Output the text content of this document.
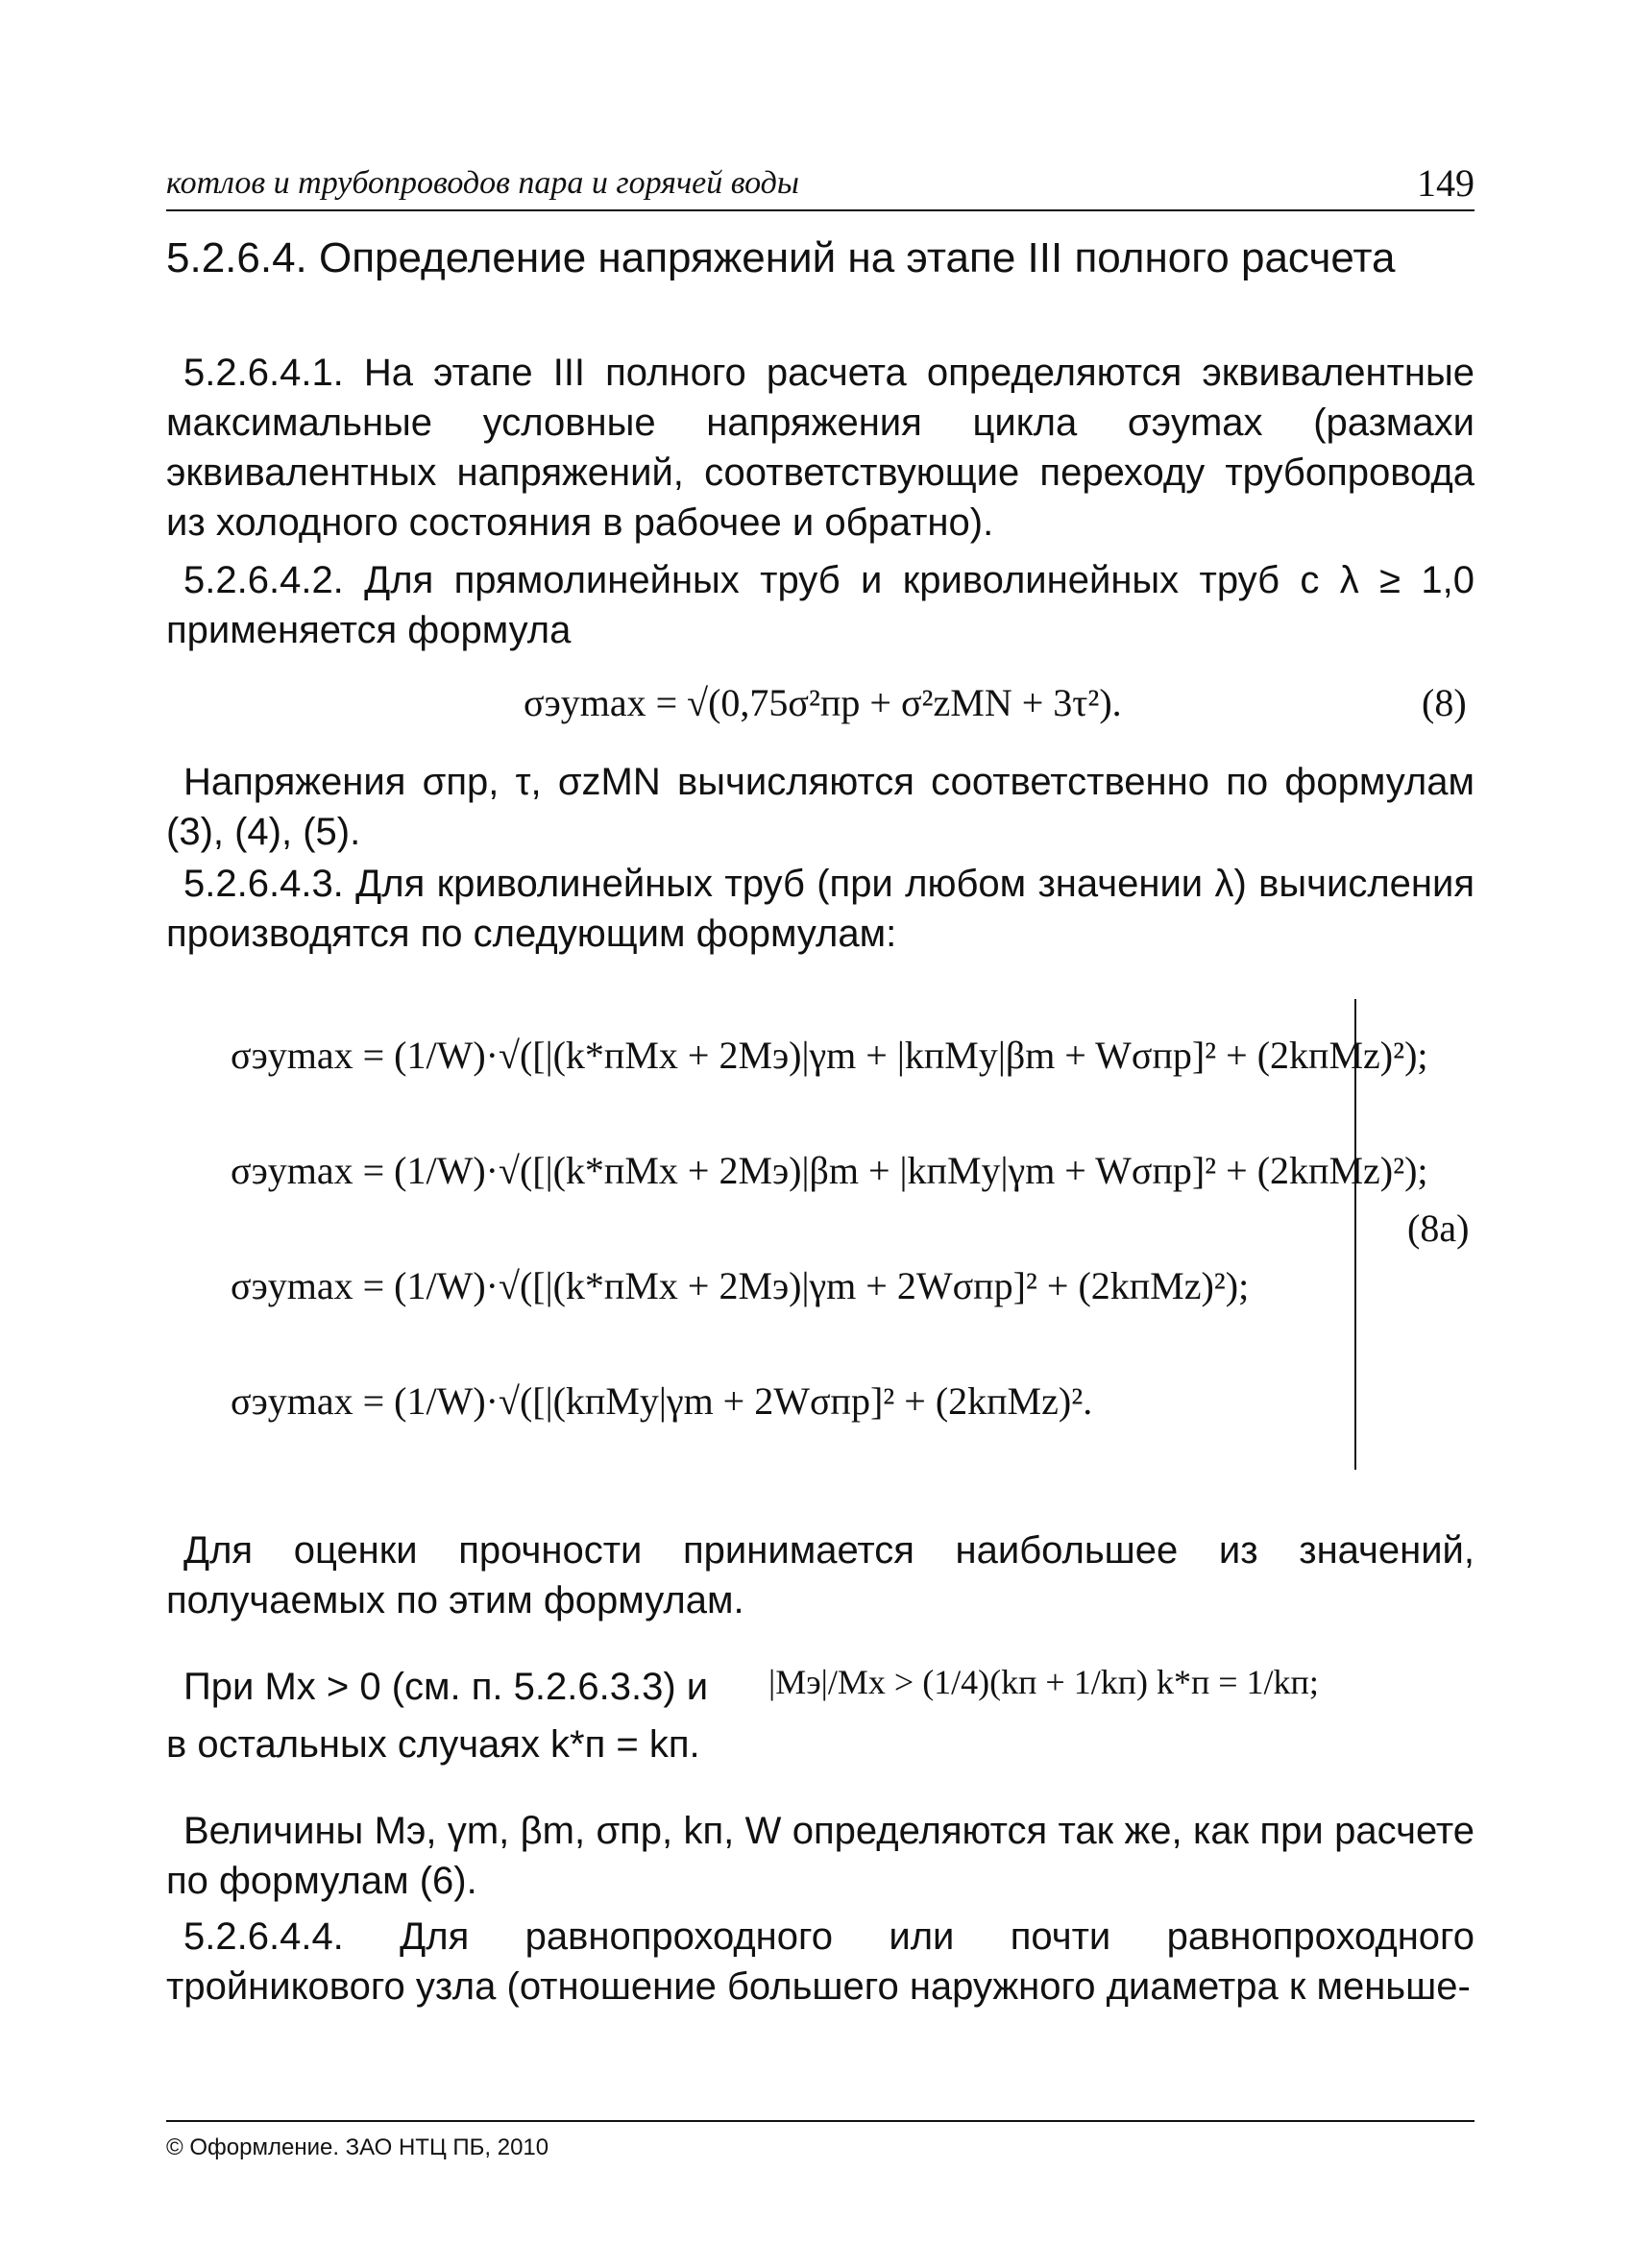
котлов и трубопроводов пара и горячей воды	149
5.2.6.4. Определение напряжений на этапе III полного расчета
5.2.6.4.1. На этапе III полного расчета определяются эквивалентные максимальные условные напряжения цикла σэуmax (размахи эквивалентных напряжений, соответствующие переходу трубопровода из холодного состояния в рабочее и обратно).
5.2.6.4.2. Для прямолинейных труб и криволинейных труб с λ ≥ 1,0 применяется формула
σэуmax = √(0,75σ²пр + σ²zMN + 3τ²).	(8)
Напряжения σпр, τ, σzMN вычисляются соответственно по формулам (3), (4), (5).
5.2.6.4.3. Для криволинейных труб (при любом значении λ) вычисления производятся по следующим формулам:
σэуmax = (1/W)·√([|(k*пMx + 2Mэ)|γm + |kпMy|βm + Wσпр]² + (2kпMz)²);
σэуmax = (1/W)·√([|(k*пMx + 2Mэ)|βm + |kпMy|γm + Wσпр]² + (2kпMz)²);
σэуmax = (1/W)·√([|(k*пMx + 2Mэ)|γm + 2Wσпр]² + (2kпMz)²);
σэуmax = (1/W)·√([|(kпMy|γm + 2Wσпр]² + (2kпMz)².
(8а)
Для оценки прочности принимается наибольшее из значений, получаемых по этим формулам.
При Mx > 0 (см. п. 5.2.6.3.3) и	|Mэ|/Mx > (1/4)(kп + 1/kп) k*п = 1/kп;
в остальных случаях k*п = kп.
Величины Mэ, γm, βm, σпр, kп, W определяются так же, как при расчете по формулам (6).
5.2.6.4.4. Для равнопроходного или почти равнопроходного тройникового узла (отношение большего наружного диаметра к меньше-
© Оформление. ЗАО НТЦ ПБ, 2010
